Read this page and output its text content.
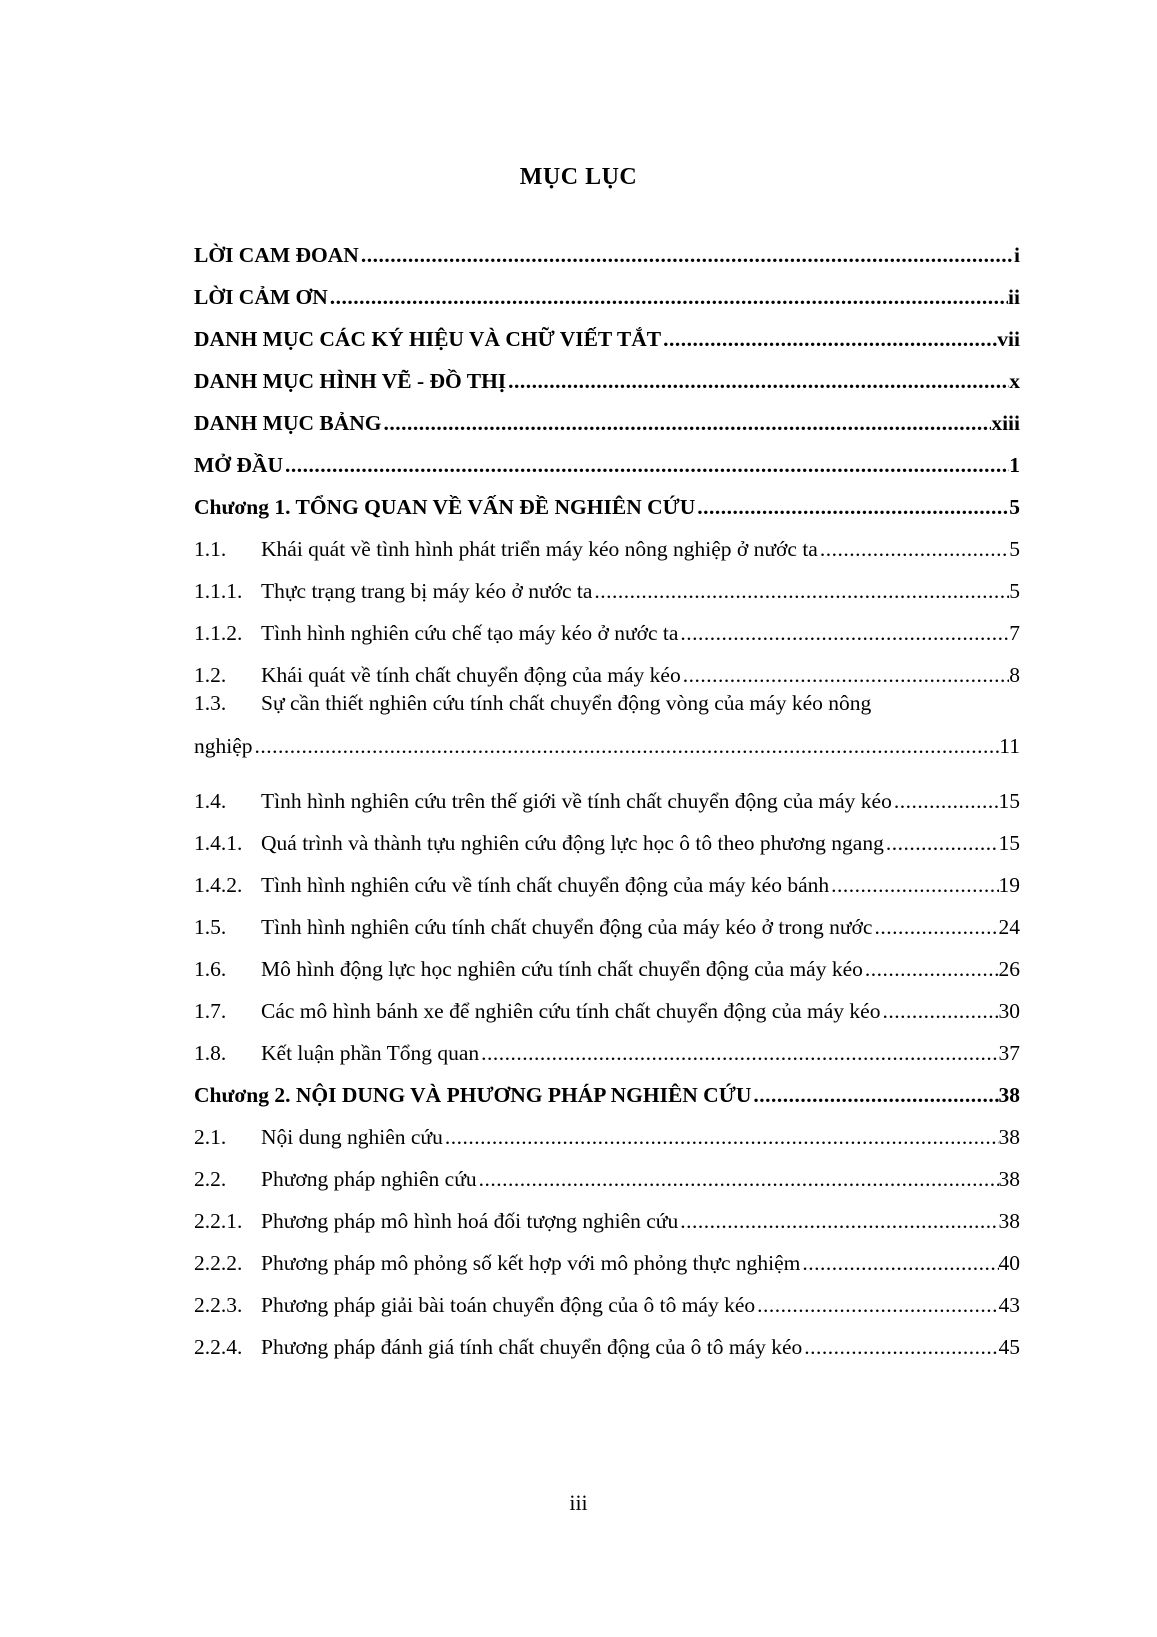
MỤC LỤC
LỜI CAM ĐOAN .....	i
LỜI CẢM ƠN .....	ii
DANH MỤC CÁC KÝ HIỆU VÀ CHỮ VIẾT TẮT .....	vii
DANH MỤC HÌNH VẼ - ĐỒ THỊ .....	x
DANH MỤC BẢNG .....	xiii
MỞ ĐẦU .....	1
Chương 1. TỔNG QUAN VỀ VẤN ĐỀ NGHIÊN CỨU .....	5
1.1.	Khái quát về tình hình phát triển máy kéo nông nghiệp ở nước ta .....	5
1.1.1. Thực trạng trang bị máy kéo ở nước ta .....	5
1.1.2. Tình hình nghiên cứu chế tạo máy kéo ở nước ta .....	7
1.2.	Khái quát về tính chất chuyển động của máy kéo .....	8
1.3.	Sự cần thiết nghiên cứu tính chất chuyển động vòng của máy kéo nông
nghiệp .....	11
1.4.	Tình hình nghiên cứu trên thế giới về tính chất chuyển động của máy kéo .....	15
1.4.1. Quá trình và thành tựu nghiên cứu động lực học ô tô theo phương ngang .....	15
1.4.2. Tình hình nghiên cứu về tính chất chuyển động của máy kéo bánh .....	19
1.5.	Tình hình nghiên cứu tính chất chuyển động của máy kéo ở trong nước .....	24
1.6.	Mô hình động lực học nghiên cứu tính chất chuyển động của máy kéo .....	26
1.7.	Các mô hình bánh xe để nghiên cứu tính chất chuyển động của máy kéo .....	30
1.8.	Kết luận phần Tổng quan .....	37
Chương 2. NỘI DUNG VÀ PHƯƠNG PHÁP NGHIÊN CỨU .....	38
2.1.	Nội dung nghiên cứu .....	38
2.2.	Phương pháp nghiên cứu .....	38
2.2.1. Phương pháp mô hình hoá đối tượng nghiên cứu .....	38
2.2.2. Phương pháp mô phỏng số kết hợp với mô phỏng thực nghiệm .....	40
2.2.3. Phương pháp giải bài toán chuyển động của ô tô máy kéo .....	43
2.2.4. Phương pháp đánh giá tính chất chuyển động của ô tô máy kéo .....	45
iii
